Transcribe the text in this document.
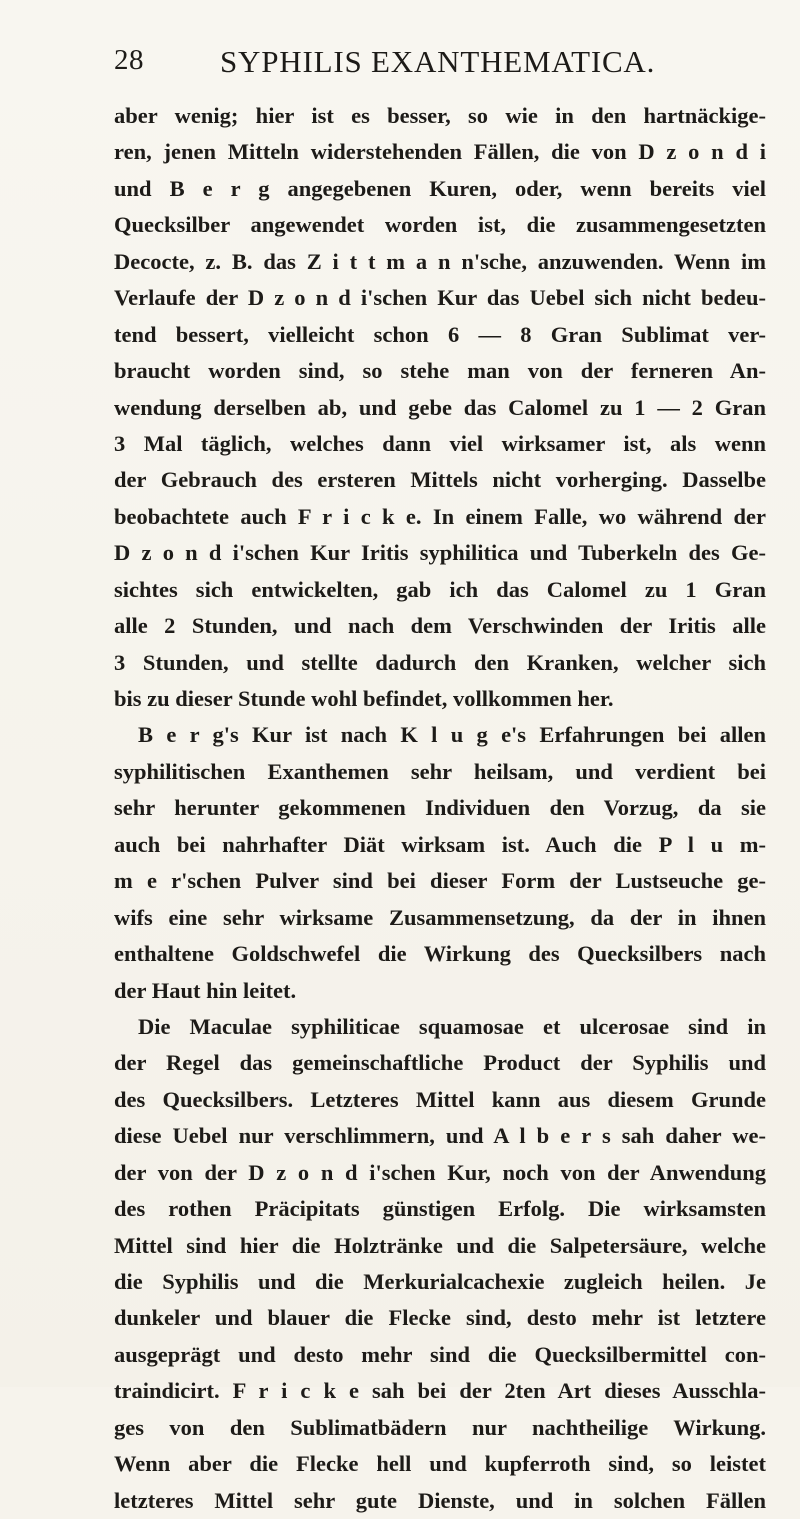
28 SYPHILIS EXANTHEMATICA.
aber wenig; hier ist es besser, so wie in den hartnäckige-
ren, jenen Mitteln widerstehenden Fällen, die von D z o n d i
und B e r g angegebenen Kuren, oder, wenn bereits viel
Quecksilber angewendet worden ist, die zusammengesetzten
Decocte, z. B. das Z i t t m a n n'sche, anzuwenden. Wenn im
Verlaufe der D z o n d i'schen Kur das Uebel sich nicht bedeu-
tend bessert, vielleicht schon 6 — 8 Gran Sublimat ver-
braucht worden sind, so stehe man von der ferneren An-
wendung derselben ab, und gebe das Calomel zu 1 — 2 Gran
3 Mal täglich, welches dann viel wirksamer ist, als wenn
der Gebrauch des ersteren Mittels nicht vorherging. Dasselbe
beobachtete auch F r i c k e. In einem Falle, wo während der
D z o n d i'schen Kur Iritis syphilitica und Tuberkeln des Ge-
sichtes sich entwickelten, gab ich das Calomel zu 1 Gran
alle 2 Stunden, und nach dem Verschwinden der Iritis alle
3 Stunden, und stellte dadurch den Kranken, welcher sich
bis zu dieser Stunde wohl befindet, vollkommen her.
B e r g's Kur ist nach K l u g e's Erfahrungen bei allen
syphilitischen Exanthemen sehr heilsam, und verdient bei
sehr herunter gekommenen Individuen den Vorzug, da sie
auch bei nahrhafter Diät wirksam ist. Auch die P l u m-
m e r'schen Pulver sind bei dieser Form der Lustseuche ge-
wifs eine sehr wirksame Zusammensetzung, da der in ihnen
enthaltene Goldschwefel die Wirkung des Quecksilbers nach
der Haut hin leitet.
Die Maculae syphiliticae squamosae et ulcerosae sind in
der Regel das gemeinschaftliche Product der Syphilis und
des Quecksilbers. Letzteres Mittel kann aus diesem Grunde
diese Uebel nur verschlimmern, und A l b e r s sah daher we-
der von der D z o n d i'schen Kur, noch von der Anwendung
des rothen Präcipitats günstigen Erfolg. Die wirksamsten
Mittel sind hier die Holztränke und die Salpetersäure, welche
die Syphilis und die Merkurialcachexie zugleich heilen. Je
dunkeler und blauer die Flecke sind, desto mehr ist letztere
ausgeprägt und desto mehr sind die Quecksilbermittel con-
traindicirt. F r i c k e sah bei der 2ten Art dieses Ausschla-
ges von den Sublimatbädern nur nachtheilige Wirkung.
Wenn aber die Flecke hell und kupferroth sind, so leistet
letzteres Mittel sehr gute Dienste, und in solchen Fällen
